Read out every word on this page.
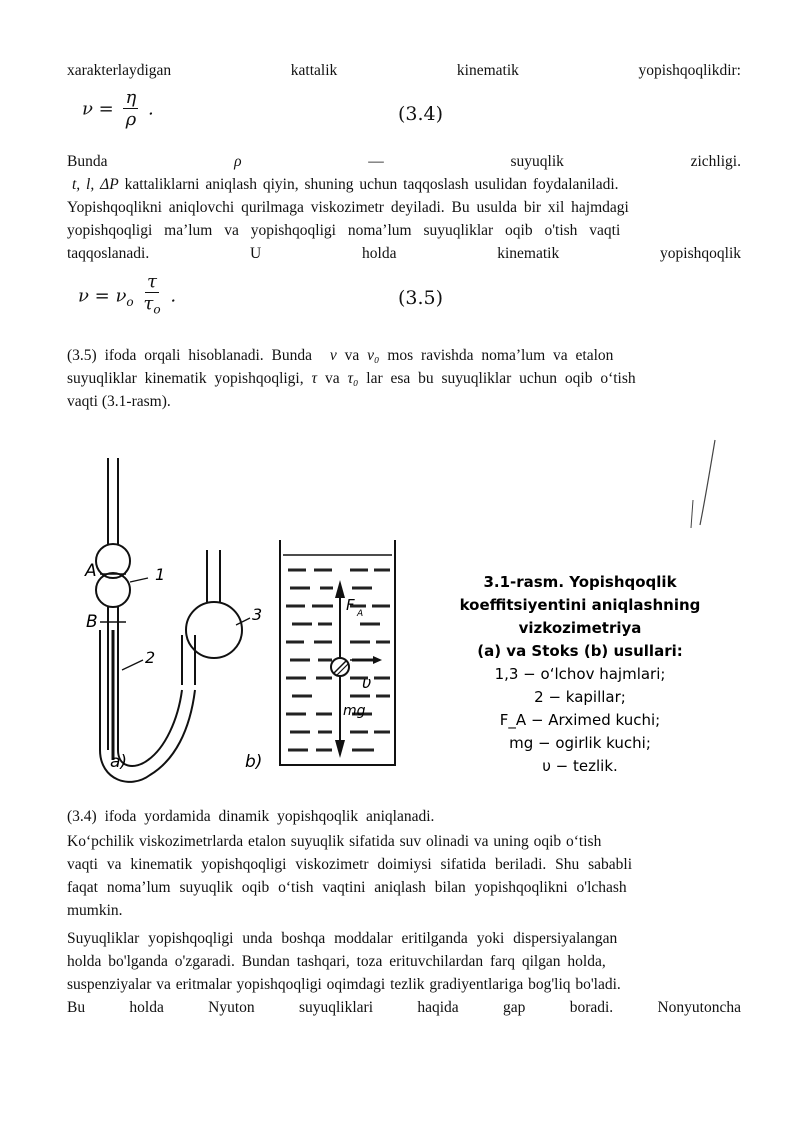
xarakterlaydigan	kattalik	kinematik	yopishqoqlikdir:
$\nu = \frac{\eta}{\rho}$ .	(3.4)
Bunda	ρ	—	suyuqlik	zichligi.
t, l, ΔP kattaliklarni aniqlash qiyin, shuning uchun taqqoslash usulidan foydalaniladi.
Yopishqoqlikni aniqlovchi qurilmaga viskozimetr deyiladi. Bu usulda bir xil hajmdagi
yopishqoqligi ma’lum va yopishqoqligi noma’lum suyuqliklar oqib o'tish vaqti
taqqoslanadi.	U	holda	kinematik	yopishqoqlik
$\nu = \nu_o \frac{\tau}{\tau_o}$ .	(3.5)
(3.5) ifoda orqali hisoblanadi. Bunda ν va ν₀ mos ravishda noma’lum va etalon
suyuqliklar kinematik yopishqoqligi, τ va τ₀ lar esa bu suyuqliklar uchun oqib o‘tish
vaqti (3.1-rasm).
A
B
1
2
3
a)	b)
F A
υ
mg
3.1-rasm. Yopishqoqlik
koeffitsiyentini aniqlashning
vizkozimetriya
(a) va Stoks (b) usullari:
1,3 − o‘lchov hajmlari;
2 − kapillar;
F_A − Arximed kuchi;
mg − ogirlik kuchi;
υ − tezlik.
(3.4) ifoda yordamida dinamik yopishqoqlik aniqlanadi.
Ko‘pchilik viskozimetrlarda etalon suyuqlik sifatida suv olinadi va uning oqib o‘tish
vaqti va kinematik yopishqoqligi viskozimetr doimiysi sifatida beriladi. Shu sababli
faqat noma’lum suyuqlik oqib o‘tish vaqtini aniqlash bilan yopishqoqlikni o'lchash
mumkin.
Suyuqliklar yopishqoqligi unda boshqa moddalar eritilganda yoki dispersiyalangan
holda bo'lganda o'zgaradi. Bundan tashqari, toza erituvchilardan farq qilgan holda,
suspenziyalar va eritmalar yopishqoqligi oqimdagi tezlik gradiyentlariga bog'liq bo'ladi.
Bu	holda	Nyuton	suyuqliklari	haqida	gap	boradi.	Nonyutoncha
